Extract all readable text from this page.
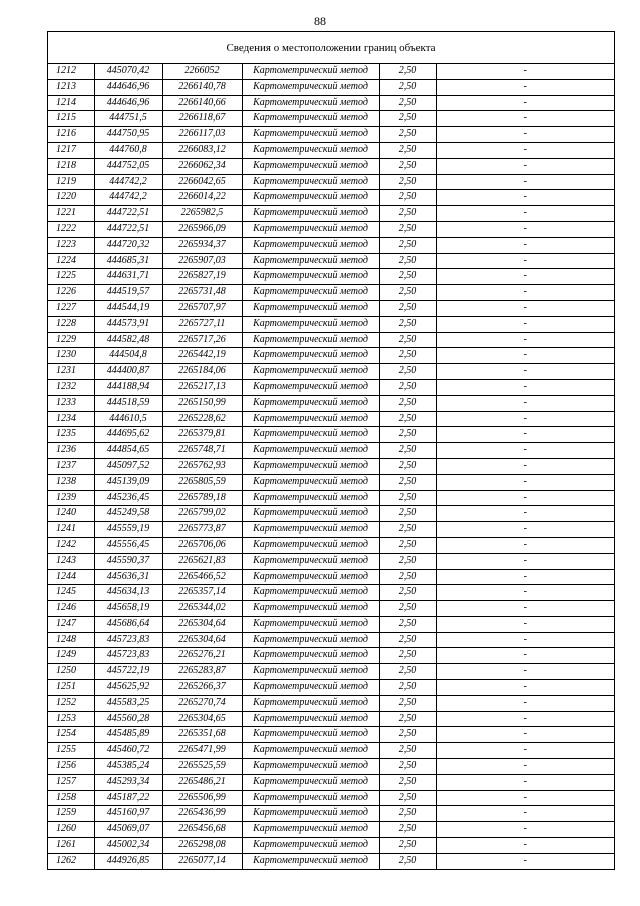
88
Сведения о местоположении границ объекта
1212	445070,42	2266052	Картометрический метод	2,50	-
1213	444646,96	2266140,78	Картометрический метод	2,50	-
1214	444646,96	2266140,66	Картометрический метод	2,50	-
1215	444751,5	2266118,67	Картометрический метод	2,50	-
1216	444750,95	2266117,03	Картометрический метод	2,50	-
1217	444760,8	2266083,12	Картометрический метод	2,50	-
1218	444752,05	2266062,34	Картометрический метод	2,50	-
1219	444742,2	2266042,65	Картометрический метод	2,50	-
1220	444742,2	2266014,22	Картометрический метод	2,50	-
1221	444722,51	2265982,5	Картометрический метод	2,50	-
1222	444722,51	2265966,09	Картометрический метод	2,50	-
1223	444720,32	2265934,37	Картометрический метод	2,50	-
1224	444685,31	2265907,03	Картометрический метод	2,50	-
1225	444631,71	2265827,19	Картометрический метод	2,50	-
1226	444519,57	2265731,48	Картометрический метод	2,50	-
1227	444544,19	2265707,97	Картометрический метод	2,50	-
1228	444573,91	2265727,11	Картометрический метод	2,50	-
1229	444582,48	2265717,26	Картометрический метод	2,50	-
1230	444504,8	2265442,19	Картометрический метод	2,50	-
1231	444400,87	2265184,06	Картометрический метод	2,50	-
1232	444188,94	2265217,13	Картометрический метод	2,50	-
1233	444518,59	2265150,99	Картометрический метод	2,50	-
1234	444610,5	2265228,62	Картометрический метод	2,50	-
1235	444695,62	2265379,81	Картометрический метод	2,50	-
1236	444854,65	2265748,71	Картометрический метод	2,50	-
1237	445097,52	2265762,93	Картометрический метод	2,50	-
1238	445139,09	2265805,59	Картометрический метод	2,50	-
1239	445236,45	2265789,18	Картометрический метод	2,50	-
1240	445249,58	2265799,02	Картометрический метод	2,50	-
1241	445559,19	2265773,87	Картометрический метод	2,50	-
1242	445556,45	2265706,06	Картометрический метод	2,50	-
1243	445590,37	2265621,83	Картометрический метод	2,50	-
1244	445636,31	2265466,52	Картометрический метод	2,50	-
1245	445634,13	2265357,14	Картометрический метод	2,50	-
1246	445658,19	2265344,02	Картометрический метод	2,50	-
1247	445686,64	2265304,64	Картометрический метод	2,50	-
1248	445723,83	2265304,64	Картометрический метод	2,50	-
1249	445723,83	2265276,21	Картометрический метод	2,50	-
1250	445722,19	2265283,87	Картометрический метод	2,50	-
1251	445625,92	2265266,37	Картометрический метод	2,50	-
1252	445583,25	2265270,74	Картометрический метод	2,50	-
1253	445560,28	2265304,65	Картометрический метод	2,50	-
1254	445485,89	2265351,68	Картометрический метод	2,50	-
1255	445460,72	2265471,99	Картометрический метод	2,50	-
1256	445385,24	2265525,59	Картометрический метод	2,50	-
1257	445293,34	2265486,21	Картометрический метод	2,50	-
1258	445187,22	2265506,99	Картометрический метод	2,50	-
1259	445160,97	2265436,99	Картометрический метод	2,50	-
1260	445069,07	2265456,68	Картометрический метод	2,50	-
1261	445002,34	2265298,08	Картометрический метод	2,50	-
1262	444926,85	2265077,14	Картометрический метод	2,50	-
